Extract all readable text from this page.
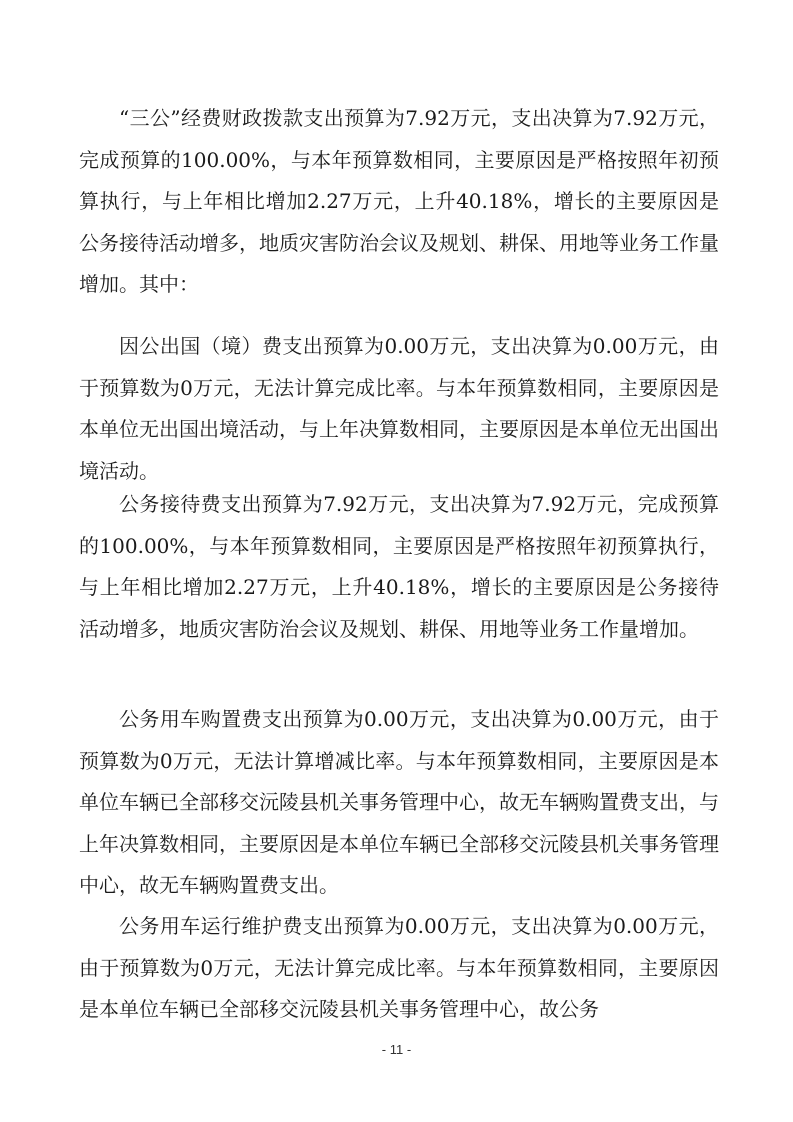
“三公”经费财政拨款支出预算为7.92万元，支出决算为7.92万元，完成预算的100.00%，与本年预算数相同，主要原因是严格按照年初预算执行，与上年相比增加2.27万元，上升40.18%，增长的主要原因是公务接待活动增多，地质灾害防治会议及规划、耕保、用地等业务工作量增加。其中：

因公出国（境）费支出预算为0.00万元，支出决算为0.00万元，由于预算数为0万元，无法计算完成比率。与本年预算数相同，主要原因是本单位无出国出境活动，与上年决算数相同，主要原因是本单位无出国出境活动。

公务接待费支出预算为7.92万元，支出决算为7.92万元，完成预算的100.00%，与本年预算数相同，主要原因是严格按照年初预算执行，与上年相比增加2.27万元，上升40.18%，增长的主要原因是公务接待活动增多，地质灾害防治会议及规划、耕保、用地等业务工作量增加。

公务用车购置费支出预算为0.00万元，支出决算为0.00万元，由于预算数为0万元，无法计算增减比率。与本年预算数相同，主要原因是本单位车辆已全部移交沅陵县机关事务管理中心，故无车辆购置费支出，与上年决算数相同，主要原因是本单位车辆已全部移交沅陵县机关事务管理中心，故无车辆购置费支出。

公务用车运行维护费支出预算为0.00万元，支出决算为0.00万元，由于预算数为0万元，无法计算完成比率。与本年预算数相同，主要原因是本单位车辆已全部移交沅陵县机关事务管理中心，故公务

- 11 -
